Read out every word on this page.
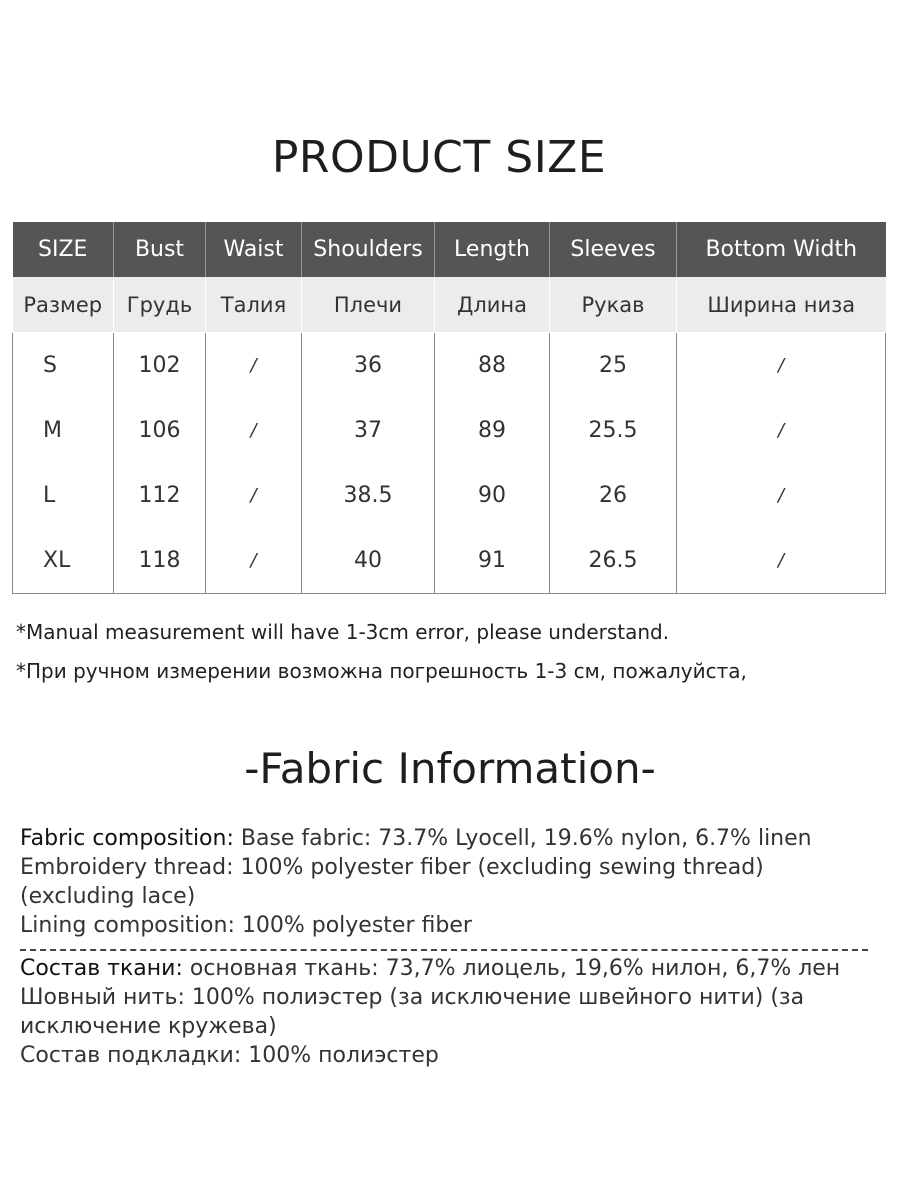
PRODUCT SIZE
SIZE	Bust	Waist	Shoulders	Length	Sleeves	Bottom Width
Размер	Грудь	Талия	Плечи	Длина	Рукав	Ширина низа

S	102	/	36	88	25	/
M	106	/	37	89	25.5	/
L	112	/	38.5	90	26	/
XL	118	/	40	91	26.5	/
*Manual measurement will have 1-3cm error, please understand.
*При ручном измерении возможна погрешность 1-3 см, пожалуйста,
-Fabric Information-

Fabric composition: Base fabric: 73.7% Lyocell, 19.6% nylon, 6.7% linen

Embroidery thread: 100% polyester fiber (excluding sewing thread) (excluding lace)

Lining composition: 100% polyester fiber

Состав ткани: основная ткань: 73,7% лиоцель, 19,6% нилон, 6,7% лен

Шовный нить: 100% полиэстер (за исключение швейного нити) (за исключение кружева)

Состав подкладки: 100% полиэстер
